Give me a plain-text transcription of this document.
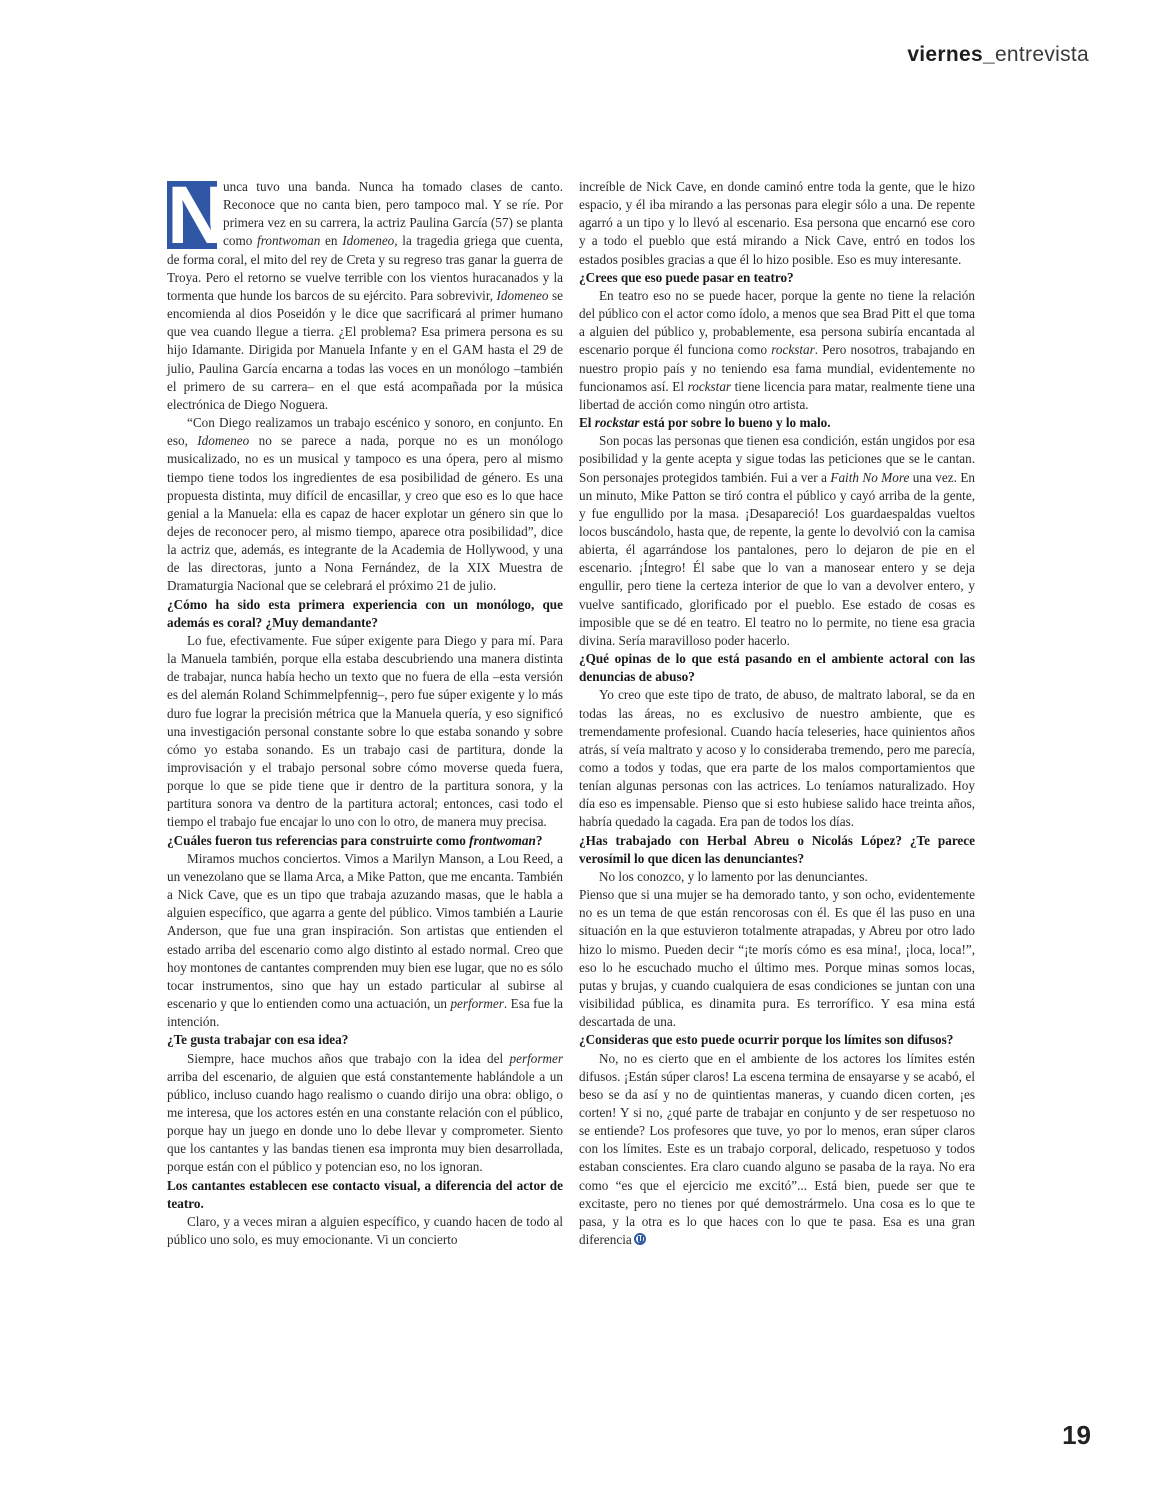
viernes_entrevista

N
unca tuvo una banda. Nunca ha tomado clases de canto. Reconoce que no canta bien, pero tampoco mal. Y se ríe. Por primera vez en su carrera, la actriz Paulina García (57) se planta como frontwoman en Idomeneo, la tragedia griega que cuenta, de forma coral, el mito del rey de Creta y su regreso tras ganar la guerra de Troya. Pero el retorno se vuelve terrible con los vientos huracanados y la tormenta que hunde los barcos de su ejército. Para sobrevivir, Idomeneo se encomienda al dios Poseidón y le dice que sacrificará al primer humano que vea cuando llegue a tierra. ¿El problema? Esa primera persona es su hijo Idamante. Dirigida por Manuela Infante y en el GAM hasta el 29 de julio, Paulina García encarna a todas las voces en un monólogo –también el primero de su carrera– en el que está acompañada por la música electrónica de Diego Noguera.

“Con Diego realizamos un trabajo escénico y sonoro, en conjunto. En eso, Idomeneo no se parece a nada, porque no es un monólogo musicalizado, no es un musical y tampoco es una ópera, pero al mismo tiempo tiene todos los ingredientes de esa posibilidad de género. Es una propuesta distinta, muy difícil de encasillar, y creo que eso es lo que hace genial a la Manuela: ella es capaz de hacer explotar un género sin que lo dejes de reconocer pero, al mismo tiempo, aparece otra posibilidad”, dice la actriz que, además, es integrante de la Academia de Hollywood, y una de las directoras, junto a Nona Fernández, de la XIX Muestra de Dramaturgia Nacional que se celebrará el próximo 21 de julio.

¿Cómo ha sido esta primera experiencia con un monólogo, que además es coral? ¿Muy demandante?

Lo fue, efectivamente. Fue súper exigente para Diego y para mí. Para la Manuela también, porque ella estaba descubriendo una manera distinta de trabajar, nunca había hecho un texto que no fuera de ella –esta versión es del alemán Roland Schimmelpfennig–, pero fue súper exigente y lo más duro fue lograr la precisión métrica que la Manuela quería, y eso significó una investigación personal constante sobre lo que estaba sonando y sobre cómo yo estaba sonando. Es un trabajo casi de partitura, donde la improvisación y el trabajo personal sobre cómo moverse queda fuera, porque lo que se pide tiene que ir dentro de la partitura sonora, y la partitura sonora va dentro de la partitura actoral; entonces, casi todo el tiempo el trabajo fue encajar lo uno con lo otro, de manera muy precisa.

¿Cuáles fueron tus referencias para construirte como frontwoman?

Miramos muchos conciertos. Vimos a Marilyn Manson, a Lou Reed, a un venezolano que se llama Arca, a Mike Patton, que me encanta. También a Nick Cave, que es un tipo que trabaja azuzando masas, que le habla a alguien específico, que agarra a gente del público. Vimos también a Laurie Anderson, que fue una gran inspiración. Son artistas que entienden el estado arriba del escenario como algo distinto al estado normal. Creo que hoy montones de cantantes comprenden muy bien ese lugar, que no es sólo tocar instrumentos, sino que hay un estado particular al subirse al escenario y que lo entienden como una actuación, un performer. Esa fue la intención.

¿Te gusta trabajar con esa idea?

Siempre, hace muchos años que trabajo con la idea del performer arriba del escenario, de alguien que está constantemente hablándole a un público, incluso cuando hago realismo o cuando dirijo una obra: obligo, o me interesa, que los actores estén en una constante relación con el público, porque hay un juego en donde uno lo debe llevar y comprometer. Siento que los cantantes y las bandas tienen esa impronta muy bien desarrollada, porque están con el público y potencian eso, no los ignoran.

Los cantantes establecen ese contacto visual, a diferencia del actor de teatro.

Claro, y a veces miran a alguien específico, y cuando hacen de todo al público uno solo, es muy emocionante. Vi un concierto

increíble de Nick Cave, en donde caminó entre toda la gente, que le hizo espacio, y él iba mirando a las personas para elegir sólo a una. De repente agarró a un tipo y lo llevó al escenario. Esa persona que encarnó ese coro y a todo el pueblo que está mirando a Nick Cave, entró en todos los estados posibles gracias a que él lo hizo posible. Eso es muy interesante.

¿Crees que eso puede pasar en teatro?

En teatro eso no se puede hacer, porque la gente no tiene la relación del público con el actor como ídolo, a menos que sea Brad Pitt el que toma a alguien del público y, probablemente, esa persona subiría encantada al escenario porque él funciona como rockstar. Pero nosotros, trabajando en nuestro propio país y no teniendo esa fama mundial, evidentemente no funcionamos así. El rockstar tiene licencia para matar, realmente tiene una libertad de acción como ningún otro artista.

El rockstar está por sobre lo bueno y lo malo.

Son pocas las personas que tienen esa condición, están ungidos por esa posibilidad y la gente acepta y sigue todas las peticiones que se le cantan. Son personajes protegidos también. Fui a ver a Faith No More una vez. En un minuto, Mike Patton se tiró contra el público y cayó arriba de la gente, y fue engullido por la masa. ¡Desapareció! Los guardaespaldas vueltos locos buscándolo, hasta que, de repente, la gente lo devolvió con la camisa abierta, él agarrándose los pantalones, pero lo dejaron de pie en el escenario. ¡Íntegro! Él sabe que lo van a manosear entero y se deja engullir, pero tiene la certeza interior de que lo van a devolver entero, y vuelve santificado, glorificado por el pueblo. Ese estado de cosas es imposible que se dé en teatro. El teatro no lo permite, no tiene esa gracia divina. Sería maravilloso poder hacerlo.

¿Qué opinas de lo que está pasando en el ambiente actoral con las denuncias de abuso?

Yo creo que este tipo de trato, de abuso, de maltrato laboral, se da en todas las áreas, no es exclusivo de nuestro ambiente, que es tremendamente profesional. Cuando hacía teleseries, hace quinientos años atrás, sí veía maltrato y acoso y lo consideraba tremendo, pero me parecía, como a todos y todas, que era parte de los malos comportamientos que tenían algunas personas con las actrices. Lo teníamos naturalizado. Hoy día eso es impensable. Pienso que si esto hubiese salido hace treinta años, habría quedado la cagada. Era pan de todos los días.

¿Has trabajado con Herbal Abreu o Nicolás López? ¿Te parece verosímil lo que dicen las denunciantes?

No los conozco, y lo lamento por las denunciantes.

Pienso que si una mujer se ha demorado tanto, y son ocho, evidentemente no es un tema de que están rencorosas con él. Es que él las puso en una situación en la que estuvieron totalmente atrapadas, y Abreu por otro lado hizo lo mismo. Pueden decir “¡te morís cómo es esa mina!, ¡loca, loca!”, eso lo he escuchado mucho el último mes. Porque minas somos locas, putas y brujas, y cuando cualquiera de esas condiciones se juntan con una visibilidad pública, es dinamita pura. Es terrorífico. Y esa mina está descartada de una.

¿Consideras que esto puede ocurrir porque los límites son difusos?

No, no es cierto que en el ambiente de los actores los límites estén difusos. ¡Están súper claros! La escena termina de ensayarse y se acabó, el beso se da así y no de quintientas maneras, y cuando dicen corten, ¡es corten! Y si no, ¿qué parte de trabajar en conjunto y de ser respetuoso no se entiende? Los profesores que tuve, yo por lo menos, eran súper claros con los límites. Este es un trabajo corporal, delicado, respetuoso y todos estaban conscientes. Era claro cuando alguno se pasaba de la raya. No era como “es que el ejercicio me excitó”... Está bien, puede ser que te excitaste, pero no tienes por qué demostrármelo. Una cosa es lo que te pasa, y la otra es lo que haces con lo que te pasa. Esa es una gran diferencia

19
